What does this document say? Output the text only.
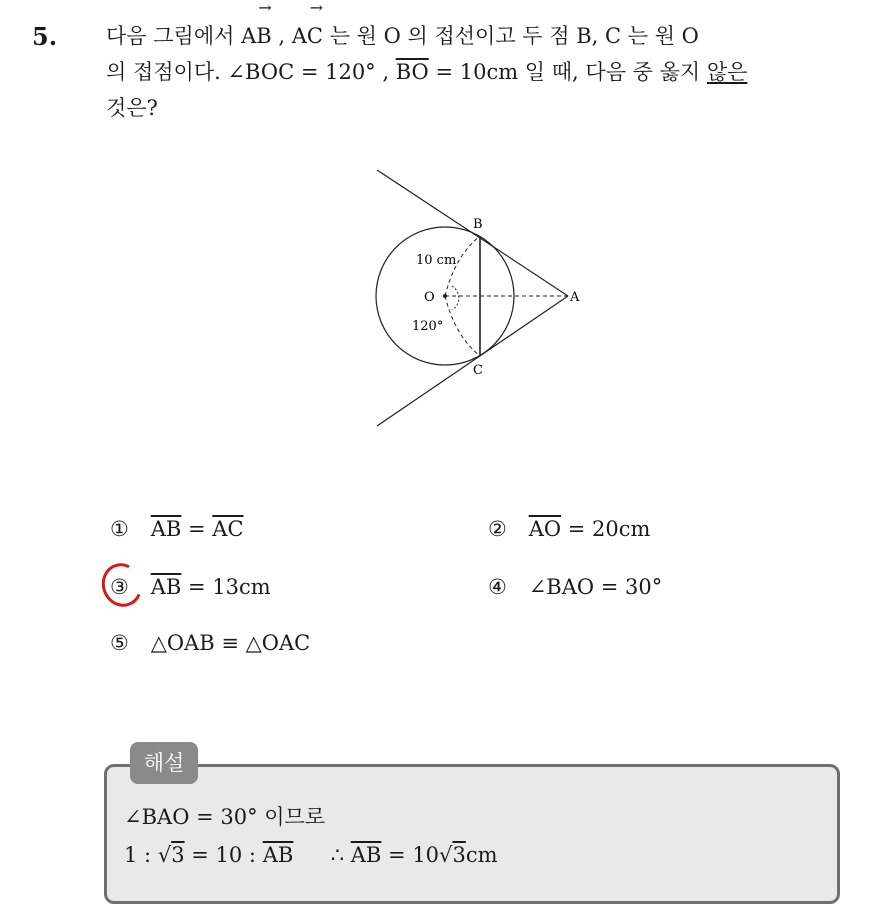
5. 다음 그림에서 → AB , → AC 는 원 O 의 접선이고 두 점 B, C 는 원 O
의 접점이다. ∠BOC = 120° , $\overline{BO} = 10cm$ 일 때, 다음 중 옳지 않은
것은?
B
C
O	A
10 cm
120°
① $\overline{AB} = \overline{AC}$	② $\overline{AO} = 20cm$
③ $\overline{AB} = 13cm$	④ ∠BAO = 30°
⑤ △OAB ≡ △OAC
해설
∠BAO = 30° 이므로
1 : √3 = 10 : $\overline{AB}$ ∴ $\overline{AB} = 10√3cm$
